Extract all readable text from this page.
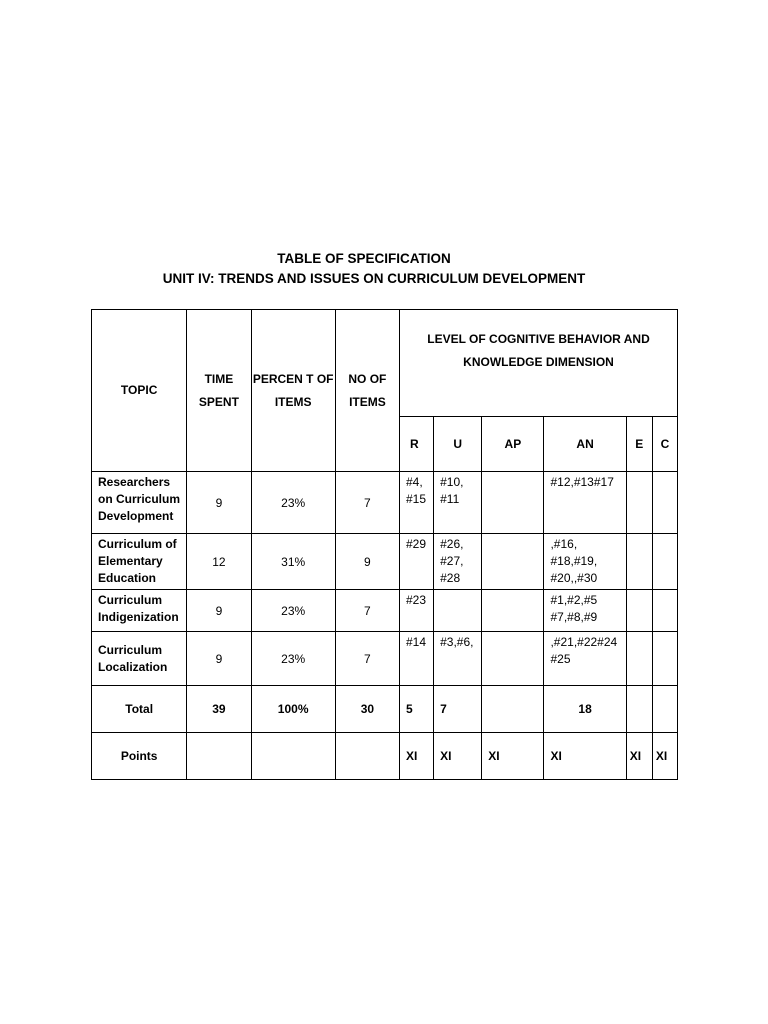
TABLE OF SPECIFICATION
UNIT IV: TRENDS AND ISSUES ON CURRICULUM DEVELOPMENT
TOPIC	TIME SPENT	PERCEN T OF ITEMS	NO OF ITEMS	LEVEL OF COGNITIVE BEHAVIOR AND KNOWLEDGE DIMENSION					
				R	U	AP	AN	E	C
Researchers on Curriculum Development	9	23%	7	#4, #15	#10, #11		#12,#13#17		
Curriculum of Elementary Education	12	31%	9	#29	#26, #27, #28		,#16, #18,#19, #20,,#30		
Curriculum Indigenization	9	23%	7	#23			#1,#2,#5 #7,#8,#9		
Curriculum Localization	9	23%	7	#14	#3,#6,		,#21,#22#24 #25		
Total	39	100%	30	5	7		18		
Points				XI	XI	XI	XI	XI	XI
